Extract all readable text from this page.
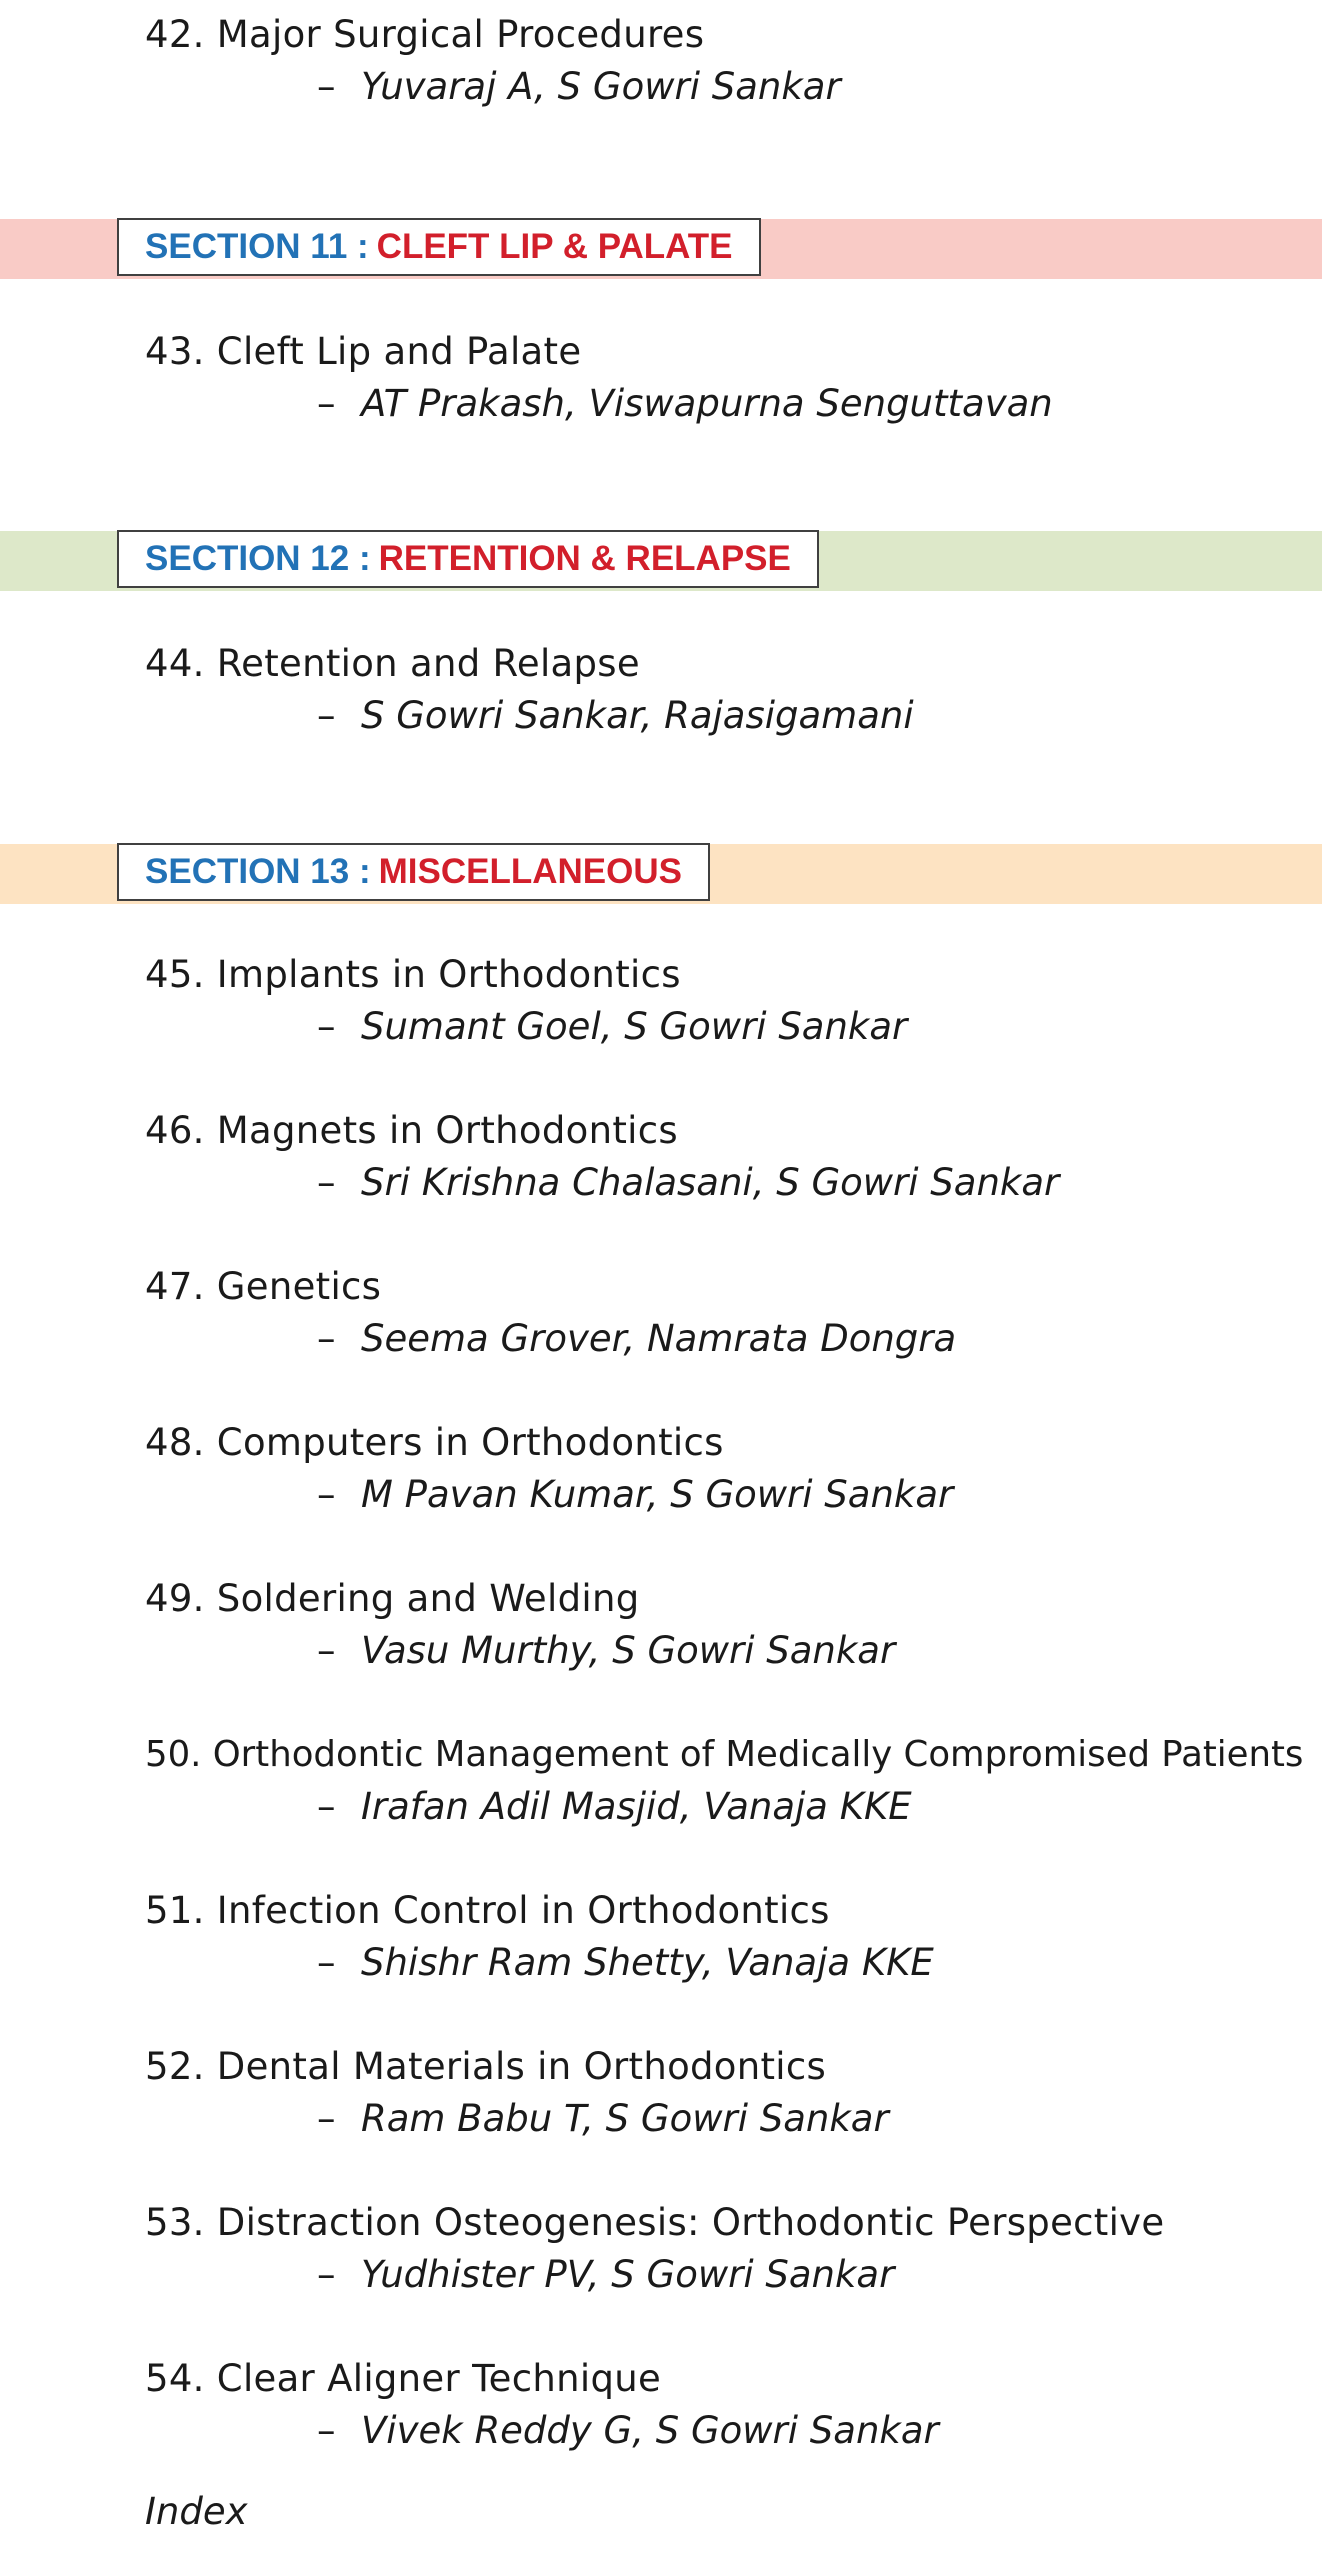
42. Major Surgical Procedures
– Yuvaraj A, S Gowri Sankar
SECTION 11 : CLEFT LIP & PALATE
43. Cleft Lip and Palate
– AT Prakash, Viswapurna Senguttavan
SECTION 12 : RETENTION & RELAPSE
44. Retention and Relapse
– S Gowri Sankar, Rajasigamani
SECTION 13 : MISCELLANEOUS
45. Implants in Orthodontics
– Sumant Goel, S Gowri Sankar
46. Magnets in Orthodontics
– Sri Krishna Chalasani, S Gowri Sankar
47. Genetics
– Seema Grover, Namrata Dongra
48. Computers in Orthodontics
– M Pavan Kumar, S Gowri Sankar
49. Soldering and Welding
– Vasu Murthy, S Gowri Sankar
50. Orthodontic Management of Medically Compromised Patients
– Irafan Adil Masjid, Vanaja KKE
51. Infection Control in Orthodontics
– Shishr Ram Shetty, Vanaja KKE
52. Dental Materials in Orthodontics
– Ram Babu T, S Gowri Sankar
53. Distraction Osteogenesis: Orthodontic Perspective
– Yudhister PV, S Gowri Sankar
54. Clear Aligner Technique
– Vivek Reddy G, S Gowri Sankar
Index
